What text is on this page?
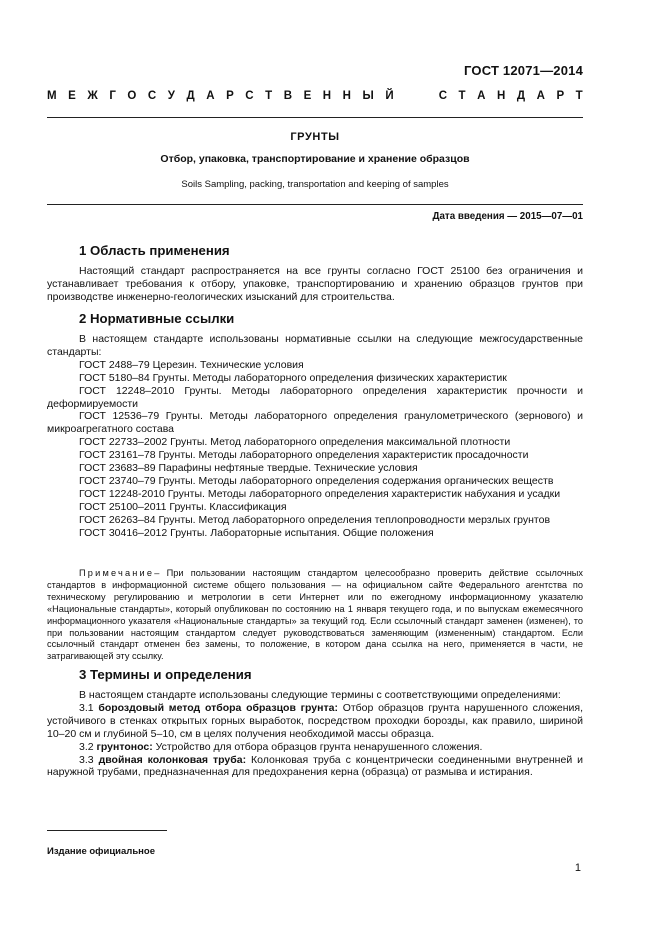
ГОСТ 12071—2014
М Е Ж Г О С У Д А Р С Т В Е Н Н Ы Й	С Т А Н Д А Р Т
ГРУНТЫ
Отбор, упаковка, транспортирование и хранение образцов
Soils Sampling, packing, transportation and keeping of samples
Дата введения — 2015—07—01
1 Область применения

Настоящий стандарт распространяется на все грунты согласно ГОСТ 25100 без ограничения и устанавливает требования к отбору, упаковке, транспортированию и хранению образцов грунтов при производстве инженерно-геологических изысканий для строительства.

2 Нормативные ссылки
В настоящем стандарте использованы нормативные ссылки на следующие межгосударственные стандарты:
ГОСТ 2488–79 Церезин. Технические условия
ГОСТ 5180–84 Грунты. Методы лабораторного определения физических характеристик
ГОСТ 12248–2010 Грунты. Методы лабораторного определения характеристик прочности и деформируемости
ГОСТ 12536–79 Грунты. Методы лабораторного определения гранулометрического (зернового) и микроагрегатного состава
ГОСТ 22733–2002 Грунты. Метод лабораторного определения максимальной плотности
ГОСТ 23161–78 Грунты. Методы лабораторного определения характеристик просадочности
ГОСТ 23683–89 Парафины нефтяные твердые. Технические условия
ГОСТ 23740–79 Грунты. Методы лабораторного определения содержания органических веществ
ГОСТ 12248-2010 Грунты. Методы лабораторного определения характеристик набухания и усадки
ГОСТ 25100–2011 Грунты. Классификация
ГОСТ 26263–84 Грунты. Метод лабораторного определения теплопроводности мерзлых грунтов
ГОСТ 30416–2012 Грунты. Лабораторные испытания. Общие положения

Примечание– При пользовании настоящим стандартом целесообразно проверить действие ссылочных стандартов в информационной системе общего пользования — на официальном сайте Федерального агентства по техническому регулированию и метрологии в сети Интернет или по ежегодному информационному указателю «Национальные стандарты», который опубликован по состоянию на 1 января текущего года, и по выпускам ежемесячного информационного указателя «Национальные стандарты» за текущий год. Если ссылочный стандарт заменен (изменен), то при пользовании настоящим стандартом следует руководствоваться заменяющим (измененным) стандартом. Если ссылочный стандарт отменен без замены, то положение, в котором дана ссылка на него, применяется в части, не затрагивающей эту ссылку.

3 Термины и определения
В настоящем стандарте использованы следующие термины с соответствующими определениями:
3.1 бороздовый метод отбора образцов грунта: Отбор образцов грунта нарушенного сложения, устойчивого в стенках открытых горных выработок, посредством проходки борозды, как правило, шириной 10–20 см и глубиной 5–10, см в целях получения необходимой массы образца.
3.2 грунтонос: Устройство для отбора образцов грунта ненарушенного сложения.
3.3 двойная колонковая труба: Колонковая труба с концентрически соединенными внутренней и наружной трубами, предназначенная для предохранения керна (образца) от размыва и истирания.
Издание официальное
1
